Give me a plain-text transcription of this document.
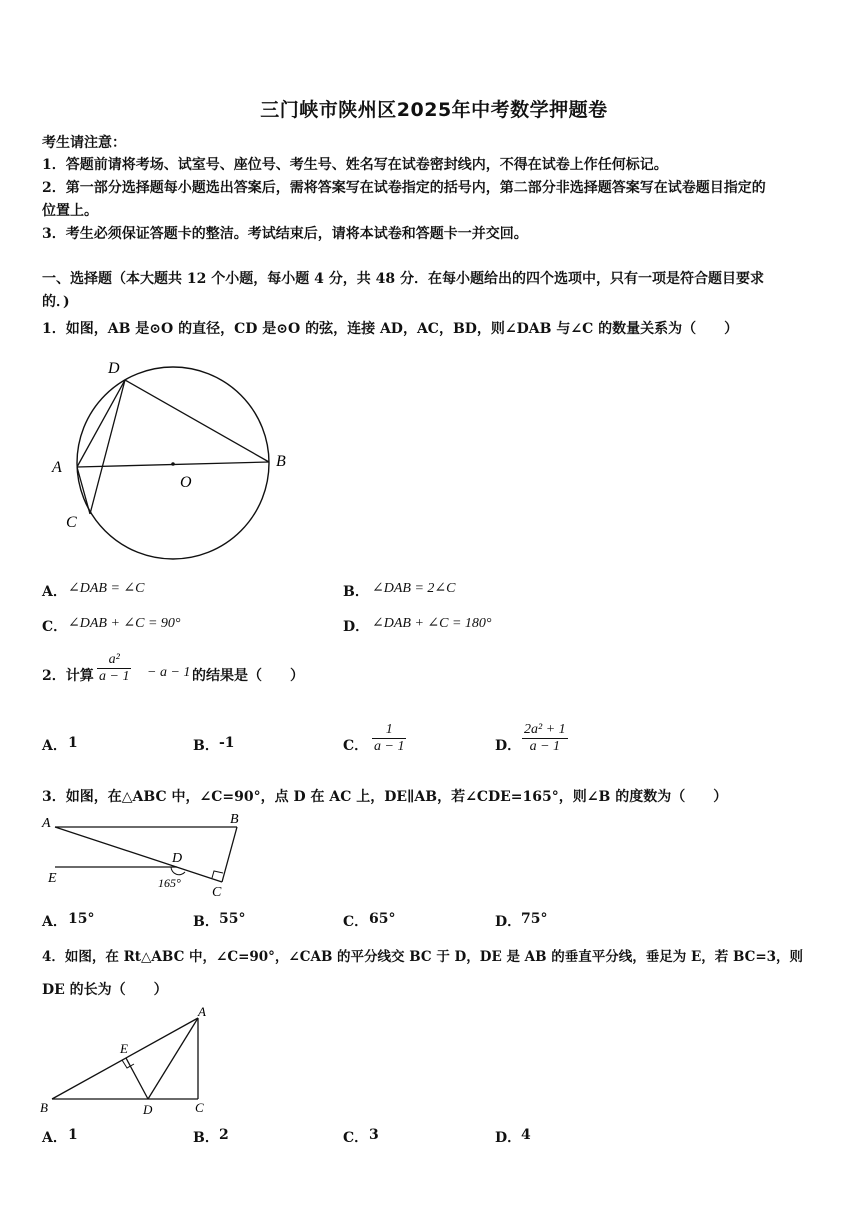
三门峡市陕州区2025年中考数学押题卷
考生请注意：
1．答题前请将考场、试室号、座位号、考生号、姓名写在试卷密封线内，不得在试卷上作任何标记。
2．第一部分选择题每小题选出答案后，需将答案写在试卷指定的括号内，第二部分非选择题答案写在试卷题目指定的
位置上。
3．考生必须保证答题卡的整洁。考试结束后，请将本试卷和答题卡一并交回。
一、选择题（本大题共 12 个小题，每小题 4 分，共 48 分．在每小题给出的四个选项中，只有一项是符合题目要求
的．)
1．如图，AB 是⊙O 的直径，CD 是⊙O 的弦，连接 AD，AC，BD，则∠DAB 与∠C 的数量关系为（　　）
D
A	B
O
C
A． ∠DAB = ∠C	B． ∠DAB = 2∠C
C． ∠DAB + ∠C = 90°	D． ∠DAB + ∠C = 180°
2．计算 $\frac{\text{a²}}{a - 1} - a - 1$ 的结果是（　　）
A． 1	B． -1	C． $\frac{1}{a - 1}$	D． $\frac{\text{2a² + 1}}{a - 1}$
3．如图，在△ABC 中，∠C=90°，点 D 在 AC 上，DE∥AB，若∠CDE=165°，则∠B 的度数为（　　）
A	B
D
E
C
165°
A． 15°	B． 55°	C． 65°	D． 75°
4．如图，在 Rt△ABC 中，∠C=90°，∠CAB 的平分线交 BC 于 D，DE 是 AB 的垂直平分线，垂足为 E，若 BC=3，则
DE 的长为（　　）
A
E
B	D	C
A． 1	B． 2	C． 3	D． 4
